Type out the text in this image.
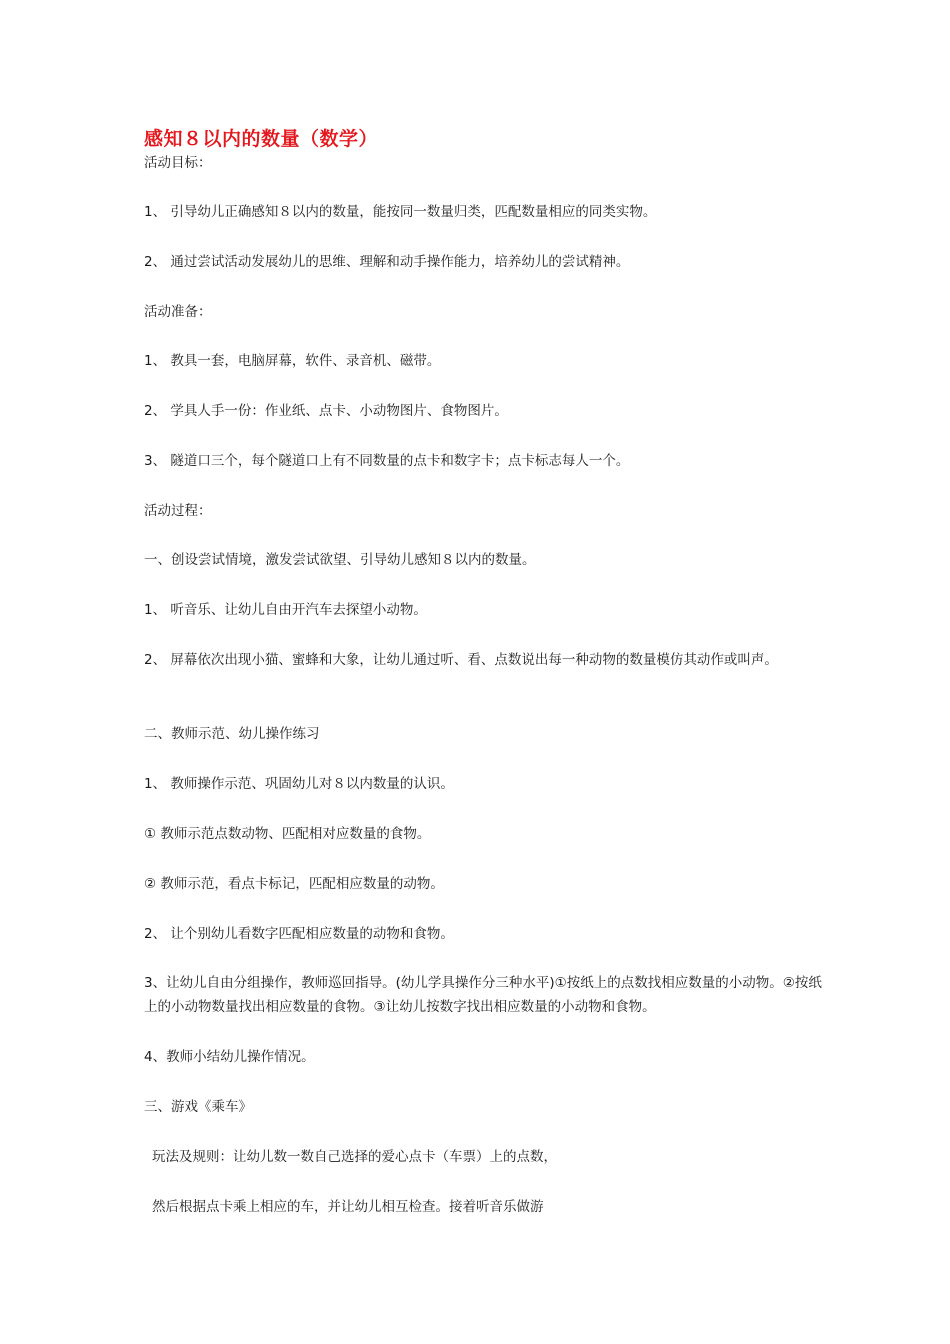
感知８以内的数量（数学）
活动目标：
1、 引导幼儿正确感知８以内的数量，能按同一数量归类，匹配数量相应的同类实物。
2、 通过尝试活动发展幼儿的思维、理解和动手操作能力，培养幼儿的尝试精神。
活动准备：
1、 教具一套，电脑屏幕，软件、录音机、磁带。
2、 学具人手一份：作业纸、点卡、小动物图片、食物图片。
3、 隧道口三个，每个隧道口上有不同数量的点卡和数字卡；点卡标志每人一个。
活动过程：
一、创设尝试情境，激发尝试欲望、引导幼儿感知８以内的数量。
1、 听音乐、让幼儿自由开汽车去探望小动物。
2、 屏幕依次出现小猫、蜜蜂和大象，让幼儿通过听、看、点数说出每一种动物的数量模仿其动作或叫声。
二、教师示范、幼儿操作练习
1、 教师操作示范、巩固幼儿对８以内数量的认识。
① 教师示范点数动物、匹配相对应数量的食物。
② 教师示范，看点卡标记，匹配相应数量的动物。
2、 让个别幼儿看数字匹配相应数量的动物和食物。
3、让幼儿自由分组操作，教师巡回指导。(幼儿学具操作分三种水平)①按纸上的点数找相应数量的小动物。②按纸上的小动物数量找出相应数量的食物。③让幼儿按数字找出相应数量的小动物和食物。
4、教师小结幼儿操作情况。
三、游戏《乘车》
玩法及规则：让幼儿数一数自己选择的爱心点卡（车票）上的点数，
然后根据点卡乘上相应的车，并让幼儿相互检查。接着听音乐做游
